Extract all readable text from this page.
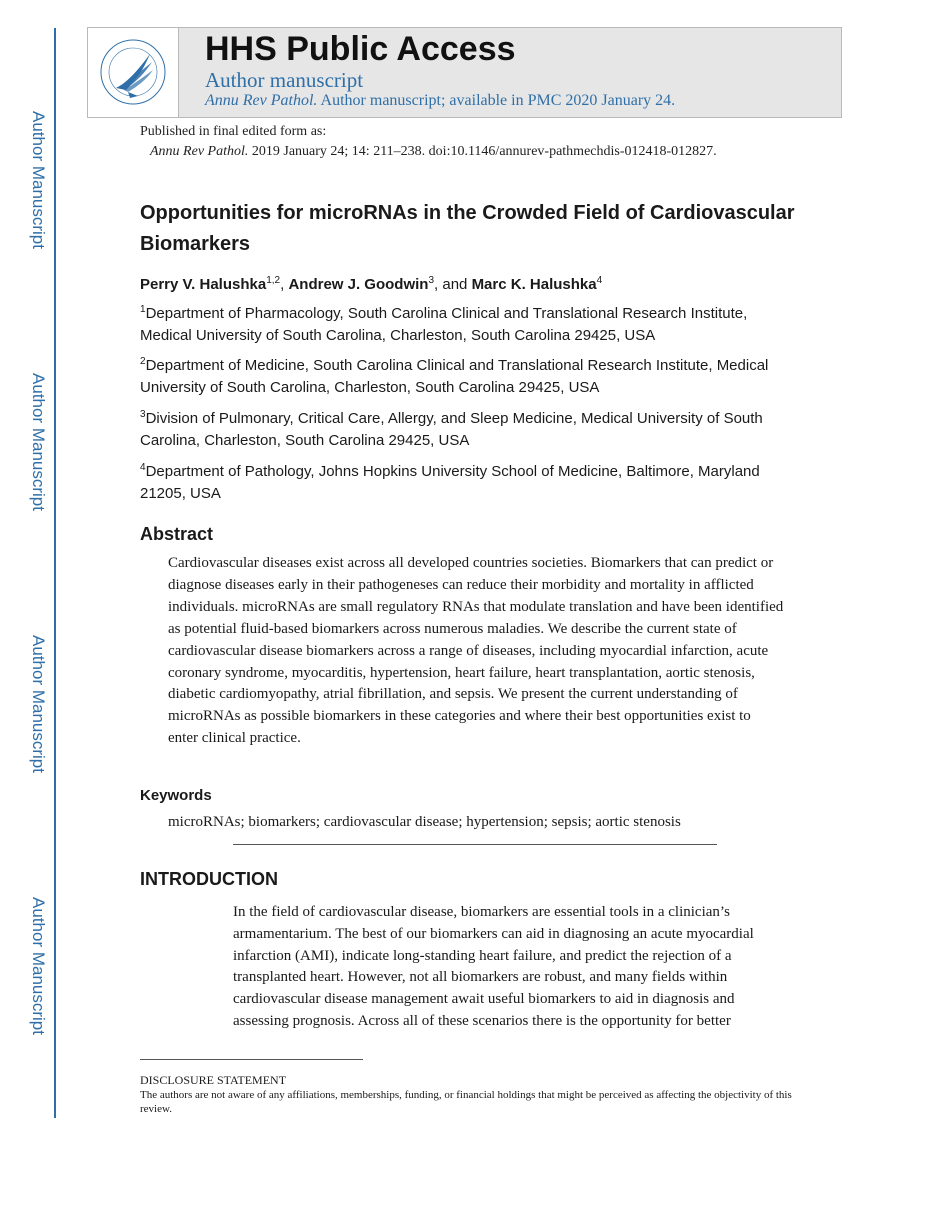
Author Manuscript
Author Manuscript
Author Manuscript
Author Manuscript
HHS Public Access
Author manuscript
Annu Rev Pathol. Author manuscript; available in PMC 2020 January 24.
Published in final edited form as:
Annu Rev Pathol. 2019 January 24; 14: 211–238. doi:10.1146/annurev-pathmechdis-012418-012827.
Opportunities for microRNAs in the Crowded Field of Cardiovascular Biomarkers
Perry V. Halushka$^{1,2}$, Andrew J. Goodwin$^3$, and Marc K. Halushka$^4$
$^1$Department of Pharmacology, South Carolina Clinical and Translational Research Institute, Medical University of South Carolina, Charleston, South Carolina 29425, USA
$^2$Department of Medicine, South Carolina Clinical and Translational Research Institute, Medical University of South Carolina, Charleston, South Carolina 29425, USA
$^3$Division of Pulmonary, Critical Care, Allergy, and Sleep Medicine, Medical University of South Carolina, Charleston, South Carolina 29425, USA
$^4$Department of Pathology, Johns Hopkins University School of Medicine, Baltimore, Maryland 21205, USA
Abstract
Cardiovascular diseases exist across all developed countries societies. Biomarkers that can predict or diagnose diseases early in their pathogeneses can reduce their morbidity and mortality in afflicted individuals. microRNAs are small regulatory RNAs that modulate translation and have been identified as potential fluid-based biomarkers across numerous maladies. We describe the current state of cardiovascular disease biomarkers across a range of diseases, including myocardial infarction, acute coronary syndrome, myocarditis, hypertension, heart failure, heart transplantation, aortic stenosis, diabetic cardiomyopathy, atrial fibrillation, and sepsis. We present the current understanding of microRNAs as possible biomarkers in these categories and where their best opportunities exist to enter clinical practice.
Keywords
microRNAs; biomarkers; cardiovascular disease; hypertension; sepsis; aortic stenosis
INTRODUCTION
In the field of cardiovascular disease, biomarkers are essential tools in a clinician’s armamentarium. The best of our biomarkers can aid in diagnosing an acute myocardial infarction (AMI), indicate long-standing heart failure, and predict the rejection of a transplanted heart. However, not all biomarkers are robust, and many fields within cardiovascular disease management await useful biomarkers to aid in diagnosis and assessing prognosis. Across all of these scenarios there is the opportunity for better
DISCLOSURE STATEMENT
The authors are not aware of any affiliations, memberships, funding, or financial holdings that might be perceived as affecting the objectivity of this review.
